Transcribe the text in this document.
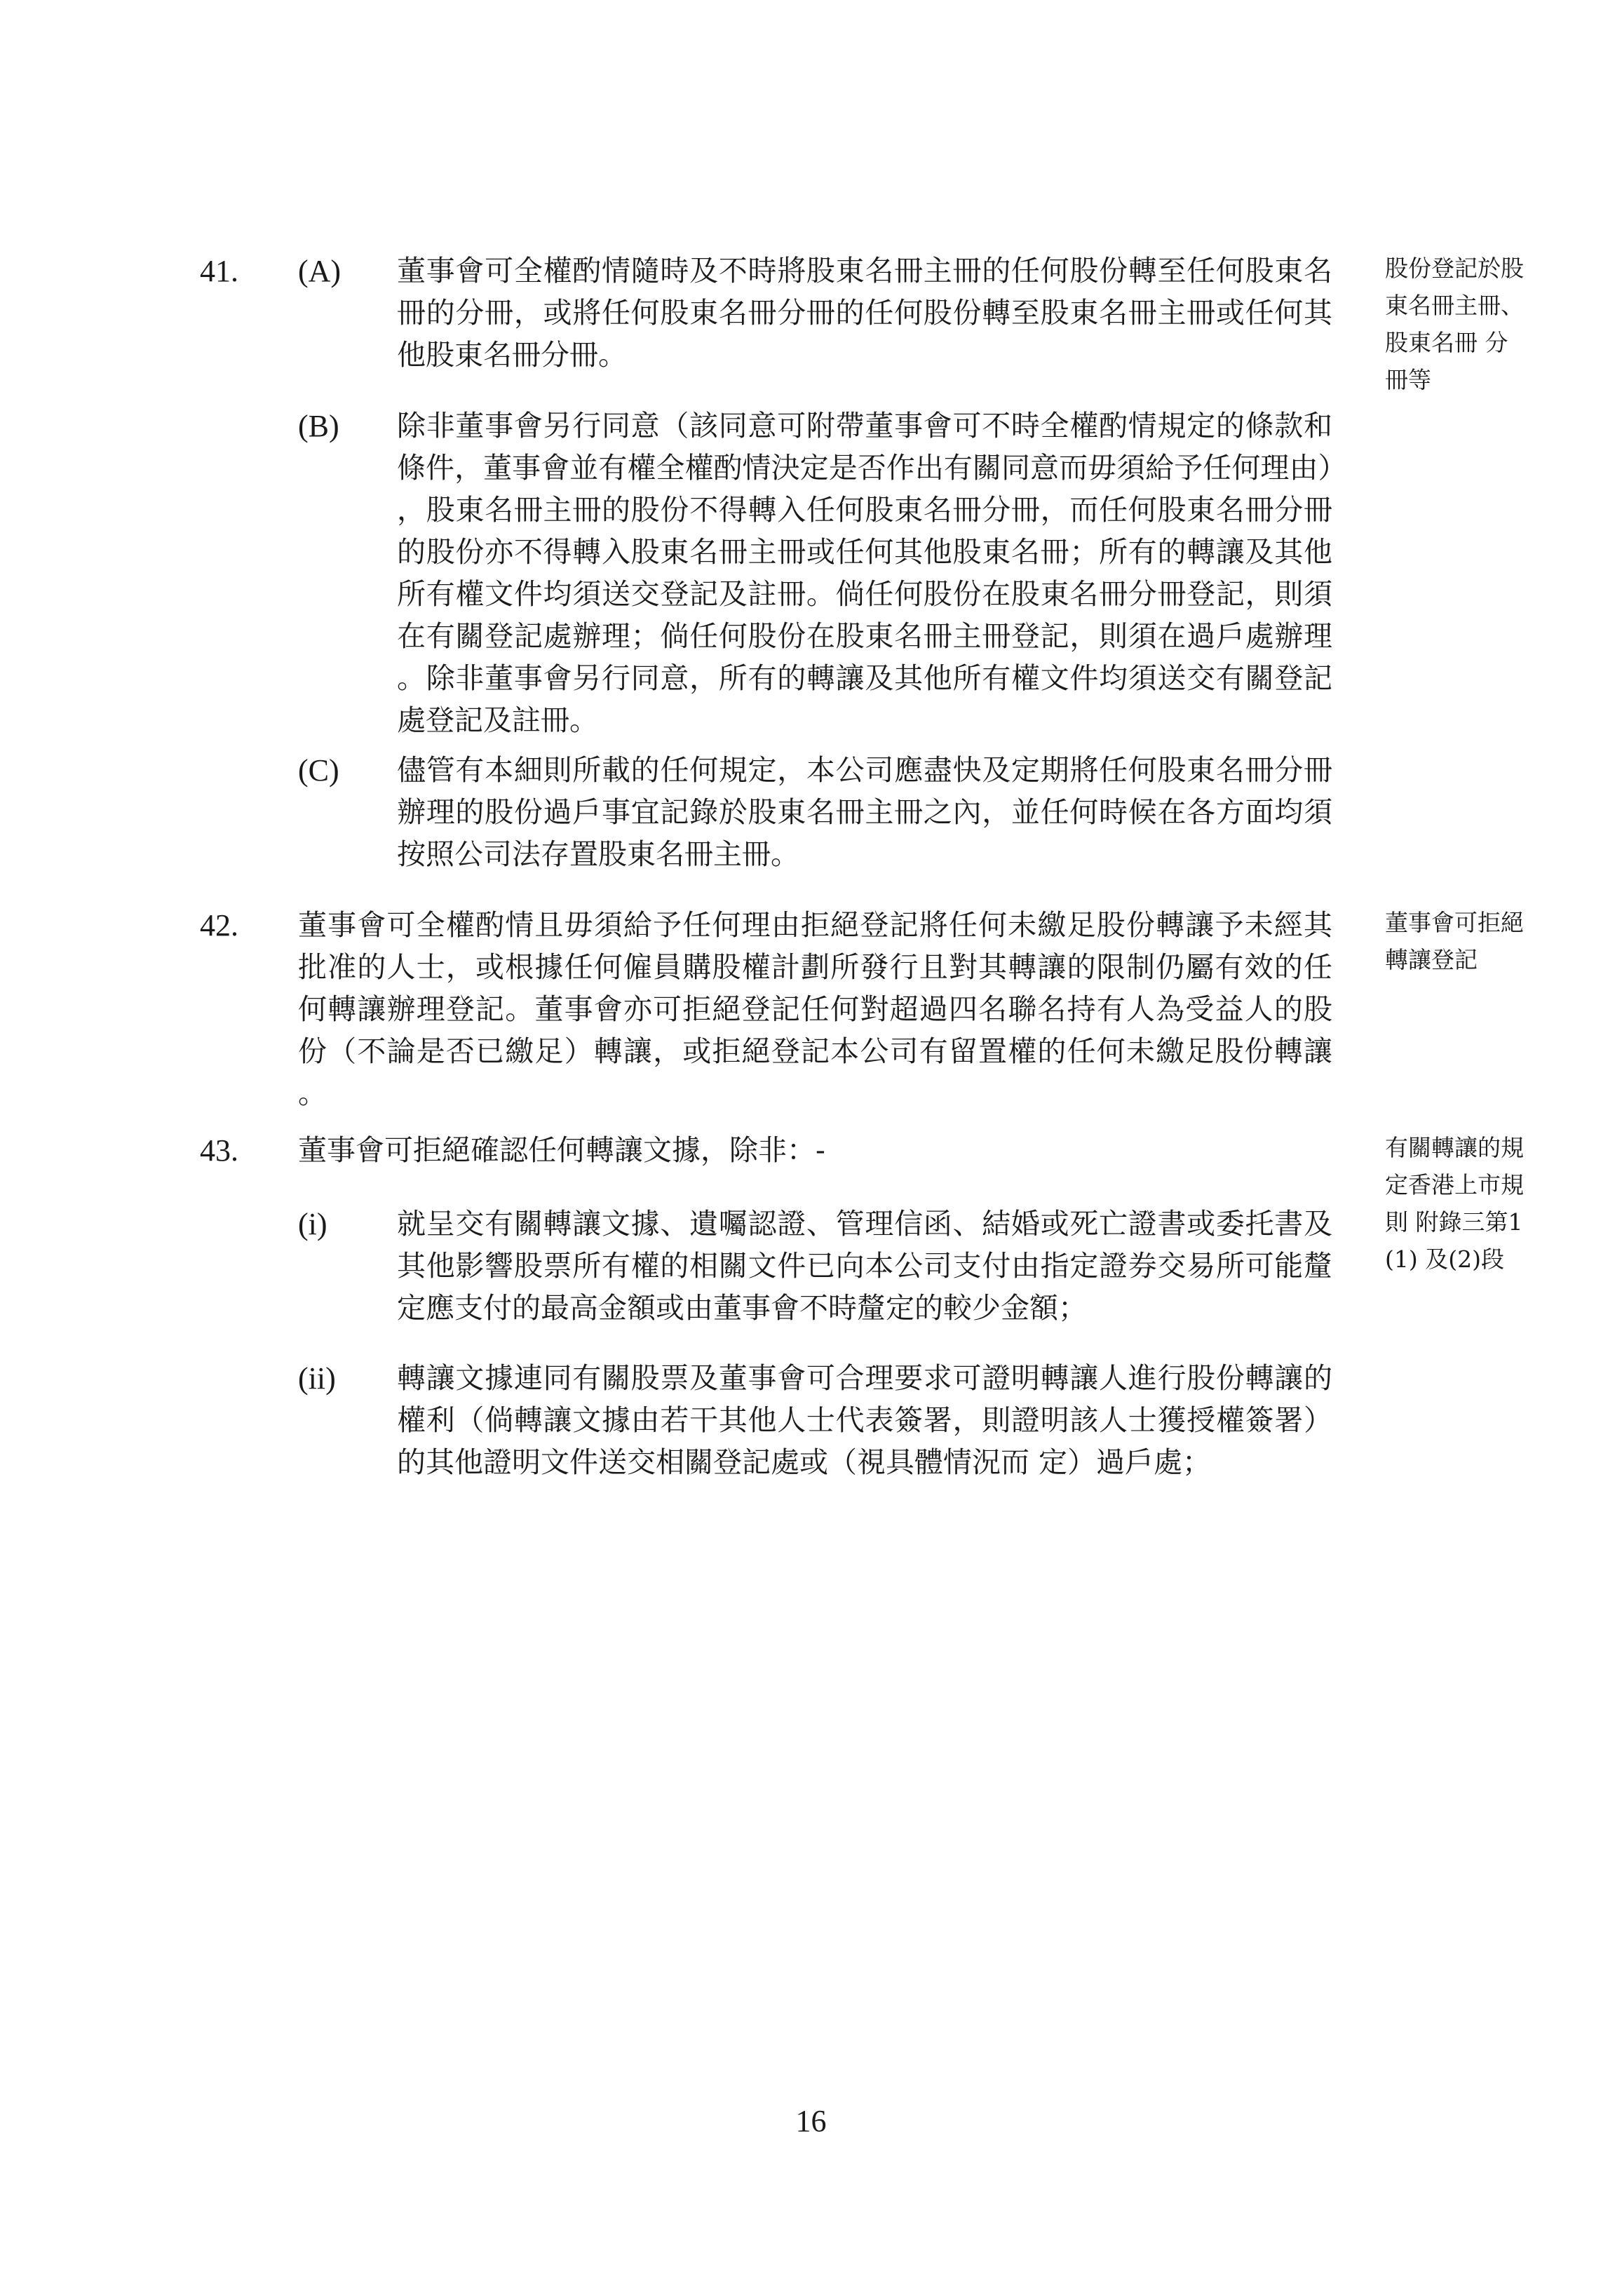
41. (A) 董事會可全權酌情隨時及不時將股東名冊主冊的任何股份轉至任何股東名冊的分冊，或將任何股東名冊分冊的任何股份轉至股東名冊主冊或任何其他股東名冊分冊。
(B) 除非董事會另行同意（該同意可附帶董事會可不時全權酌情規定的條款和條件，董事會並有權全權酌情決定是否作出有關同意而毋須給予任何理由），股東名冊主冊的股份不得轉入任何股東名冊分冊，而任何股東名冊分冊的股份亦不得轉入股東名冊主冊或任何其他股東名冊；所有的轉讓及其他所有權文件均須送交登記及註冊。倘任何股份在股東名冊分冊登記，則須在有關登記處辦理；倘任何股份在股東名冊主冊登記，則須在過戶處辦理。除非董事會另行同意，所有的轉讓及其他所有權文件均須送交有關登記處登記及註冊。
(C) 儘管有本細則所載的任何規定，本公司應盡快及定期將任何股東名冊分冊辦理的股份過戶事宜記錄於股東名冊主冊之內，並任何時候在各方面均須按照公司法存置股東名冊主冊。
股份登記於股東名冊主冊、 股東名冊 分冊等
42. 董事會可全權酌情且毋須給予任何理由拒絕登記將任何未繳足股份轉讓予未經其批准的人士，或根據任何僱員購股權計劃所發行且對其轉讓的限制仍屬有效的任何轉讓辦理登記。董事會亦可拒絕登記任何對超過四名聯名持有人為受益人的股份（不論是否已繳足）轉讓，或拒絕登記本公司有留置權的任何未繳足股份轉讓。
董事會可拒絕 轉讓登記
43. 董事會可拒絕確認任何轉讓文據，除非：-	有關轉讓的規定香港上市規則 附錄三第1(1) 及(2)段
(i) 就呈交有關轉讓文據、遺囑認證、管理信函、結婚或死亡證書或委托書及其他影響股票所有權的相關文件已向本公司支付由指定證券交易所可能釐定應支付的最高金額或由董事會不時釐定的較少金額；
(ii) 轉讓文據連同有關股票及董事會可合理要求可證明轉讓人進行股份轉讓的權利（倘轉讓文據由若干其他人士代表簽署，則證明該人士獲授權簽署）的其他證明文件送交相關登記處或（視具體情況而 定）過戶處；
16
